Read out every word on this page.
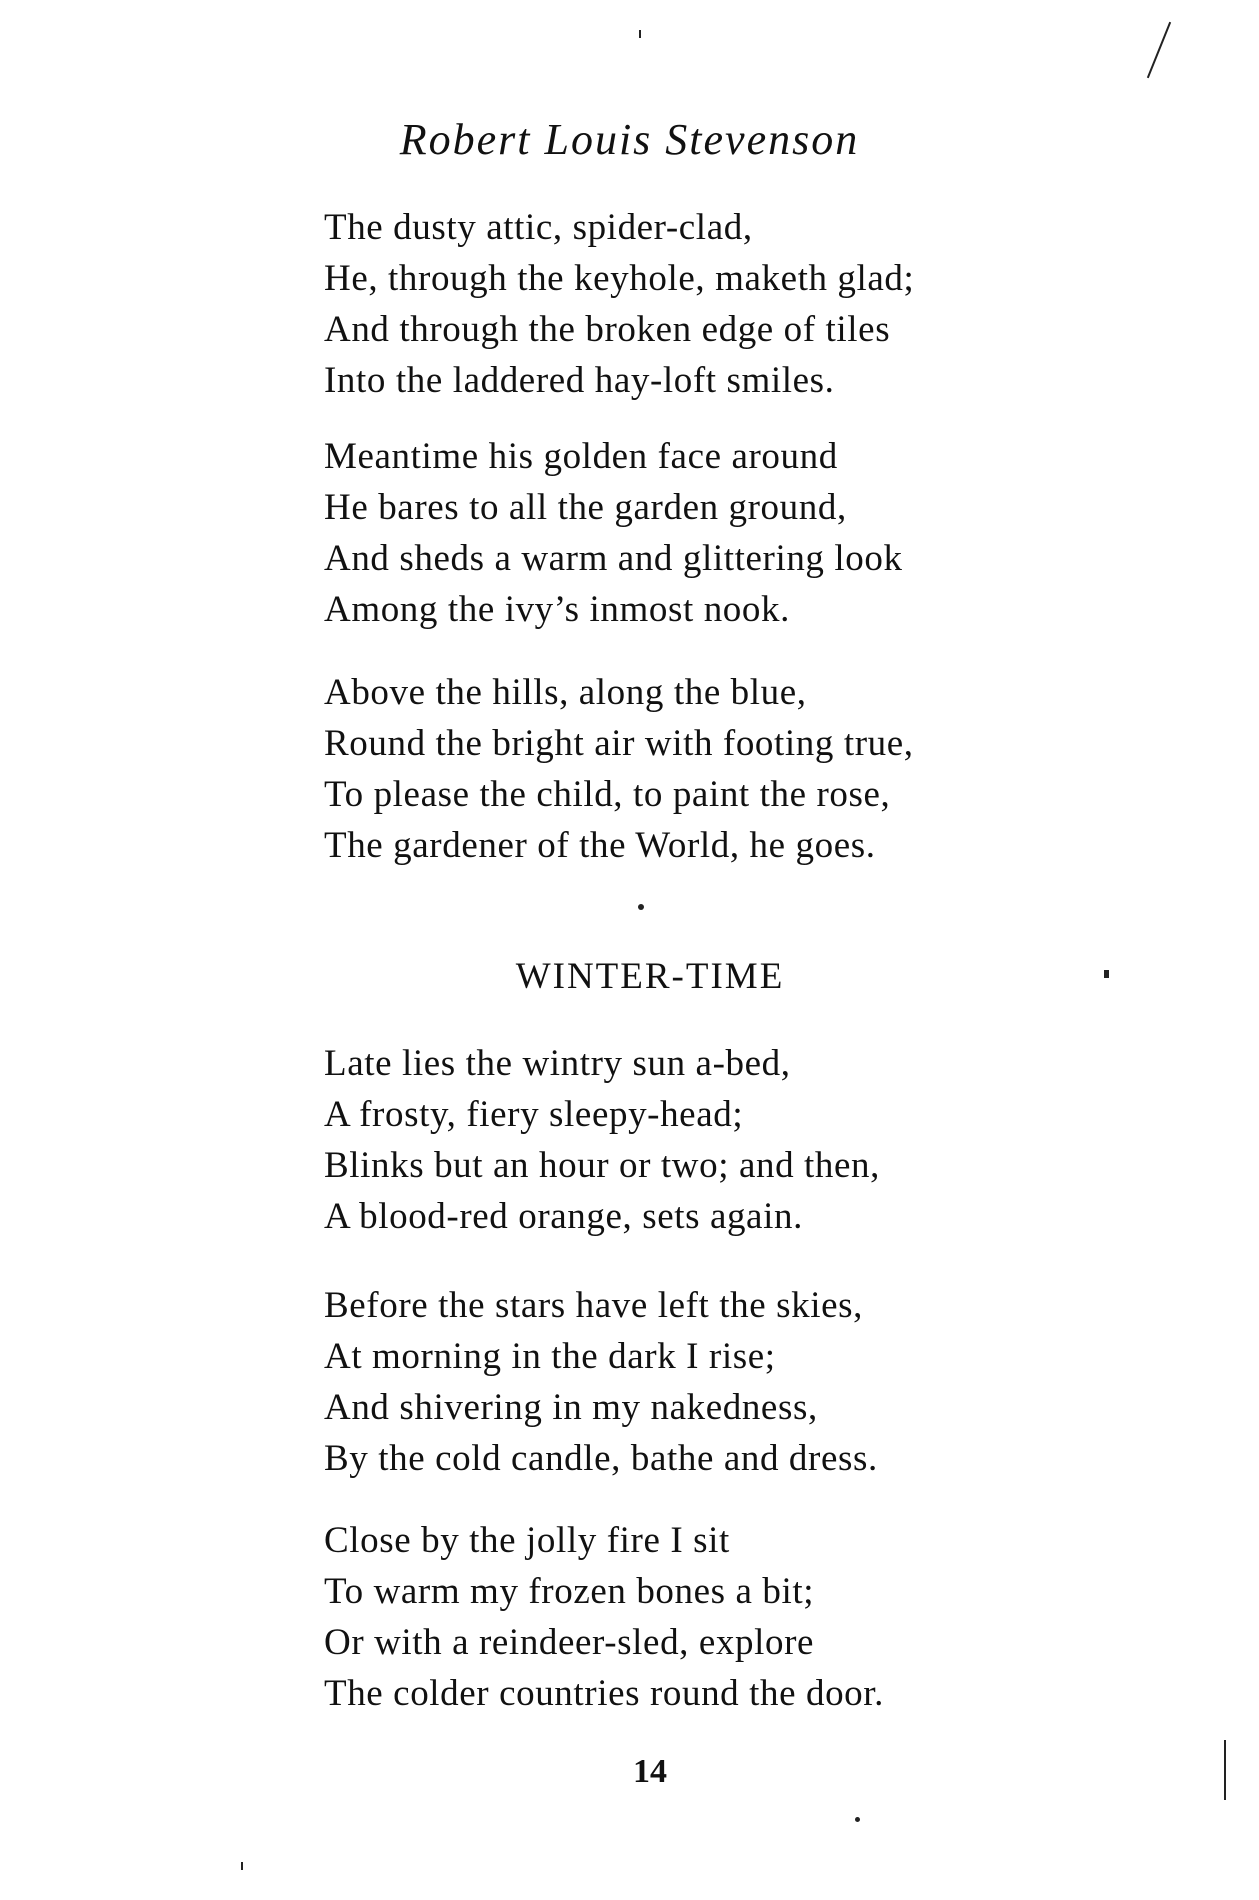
Robert Louis Stevenson
The dusty attic, spider-clad,
He, through the keyhole, maketh glad;
And through the broken edge of tiles
Into the laddered hay-loft smiles.
Meantime his golden face around
He bares to all the garden ground,
And sheds a warm and glittering look
Among the ivy’s inmost nook.
Above the hills, along the blue,
Round the bright air with footing true,
To please the child, to paint the rose,
The gardener of the World, he goes.
WINTER-TIME
Late lies the wintry sun a-bed,
A frosty, fiery sleepy-head;
Blinks but an hour or two; and then,
A blood-red orange, sets again.
Before the stars have left the skies,
At morning in the dark I rise;
And shivering in my nakedness,
By the cold candle, bathe and dress.
Close by the jolly fire I sit
To warm my frozen bones a bit;
Or with a reindeer-sled, explore
The colder countries round the door.
14
